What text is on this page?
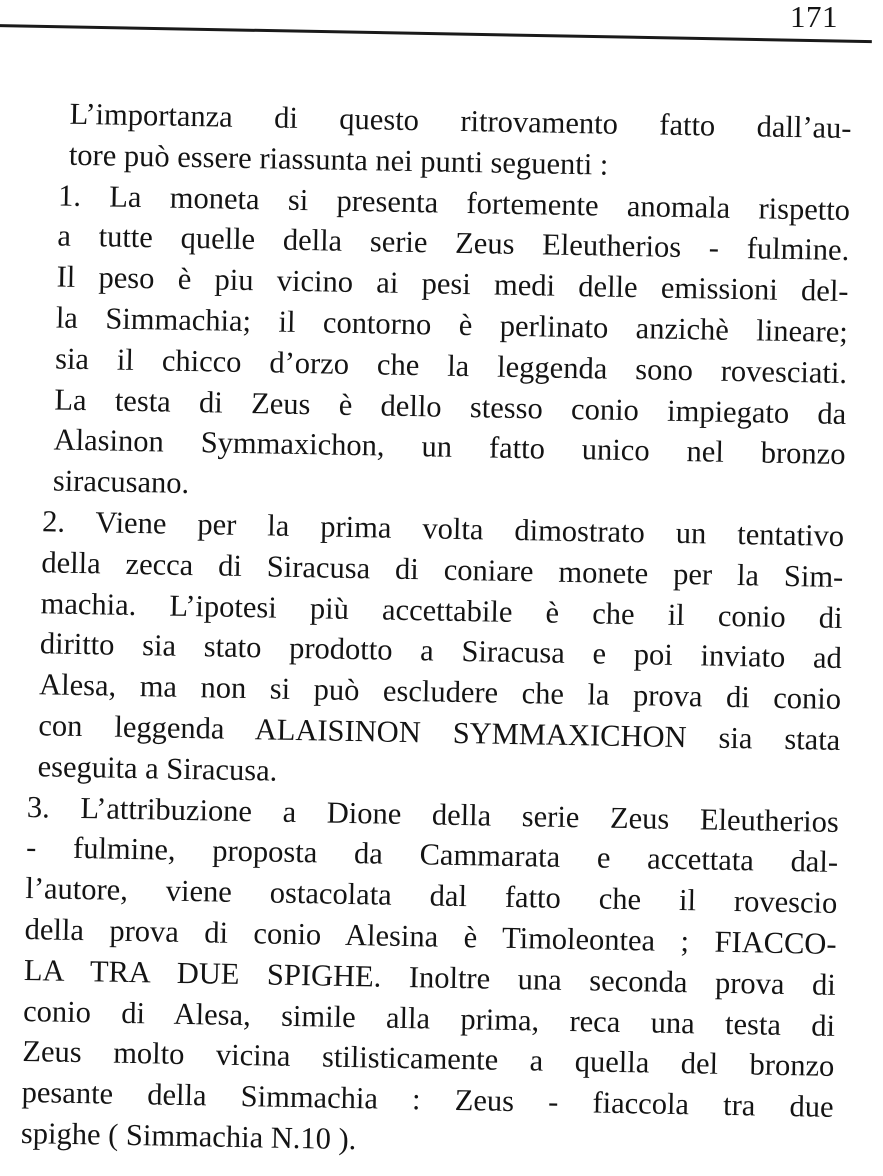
171
L’importanza di questo ritrovamento fatto dall’au-
tore può essere riassunta nei punti seguenti :
1. La moneta si presenta fortemente anomala rispetto
a tutte quelle della serie Zeus Eleutherios - fulmine.
Il peso è piu vicino ai pesi medi delle emissioni del-
la Simmachia; il contorno è perlinato anzichè lineare;
sia il chicco d’orzo che la leggenda sono rovesciati.
La testa di Zeus è dello stesso conio impiegato da
Alasinon Symmaxichon, un fatto unico nel bronzo
siracusano.
2. Viene per la prima volta dimostrato un tentativo
della zecca di Siracusa di coniare monete per la Sim-
machia. L’ipotesi più accettabile è che il conio di
diritto sia stato prodotto a Siracusa e poi inviato ad
Alesa, ma non si può escludere che la prova di conio
con leggenda ALAISINON SYMMAXICHON sia stata
eseguita a Siracusa.
3. L’attribuzione a Dione della serie Zeus Eleutherios
- fulmine, proposta da Cammarata e accettata dal-
l’autore, viene ostacolata dal fatto che il rovescio
della prova di conio Alesina è Timoleontea ; FIACCO-
LA TRA DUE SPIGHE. Inoltre una seconda prova di
conio di Alesa, simile alla prima, reca una testa di
Zeus molto vicina stilisticamente a quella del bronzo
pesante della Simmachia : Zeus - fiaccola tra due
spighe ( Simmachia N.10 ).
